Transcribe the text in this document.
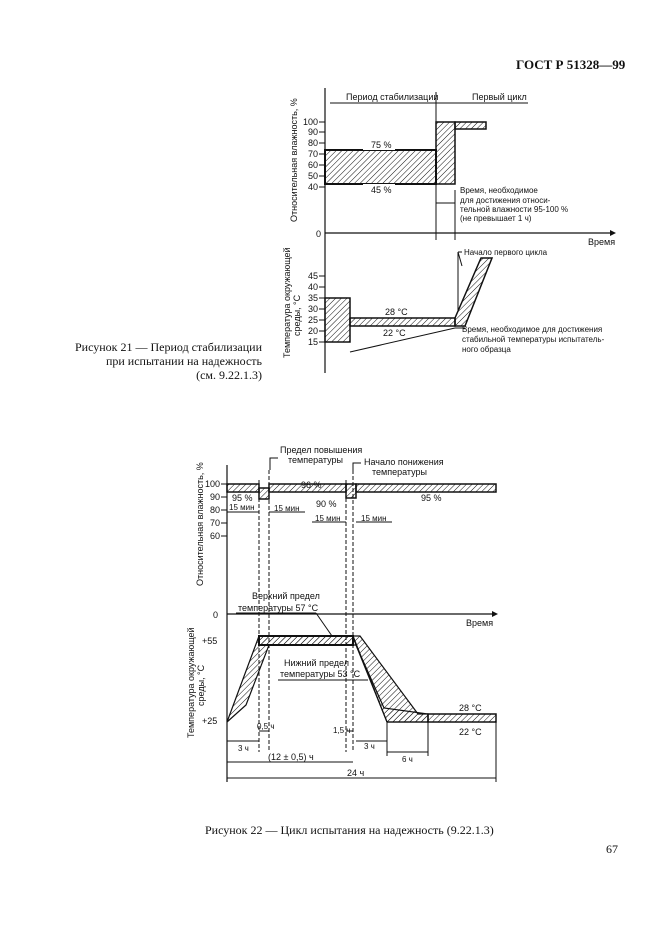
ГОСТ Р 51328—99
Период стабилизации	Первый цикл
Относительная влажность, % 100
90
80
70
60
50
40
75 %
45 %	Время, необходимое
для достижения относи-
тельной влажности 95-100 %
(не превышает 1 ч)
0
Время
Температура окружающей среды, °С
45
40
35
30
25
20
15
28 °С
22 °С
Начало первого цикла
Время, необходимое для достижения
стабильной температуры испытатель-
ного образца
Предел повышения
температуры Начало понижения
температуры
Относительная влажность, % 100
90
80
70
60
95 %
96 %
90 %
95 %
15 мин 15 мин
15 мин	15 мин
0
Время
Температура окружающей среды, °С
+55
+25
Верхний предел
температуры 57 °С
Нижний предел
температуры 53 °С
28 °С
22 °С
3 ч
0,5 ч	1,5 ч
3 ч
6 ч
(12 ± 0,5) ч
24 ч
Рисунок 21 — Период стабилизации
при испытании на надежность
(см. 9.22.1.3)
Рисунок 22 — Цикл испытания на надежность (9.22.1.3)
67
